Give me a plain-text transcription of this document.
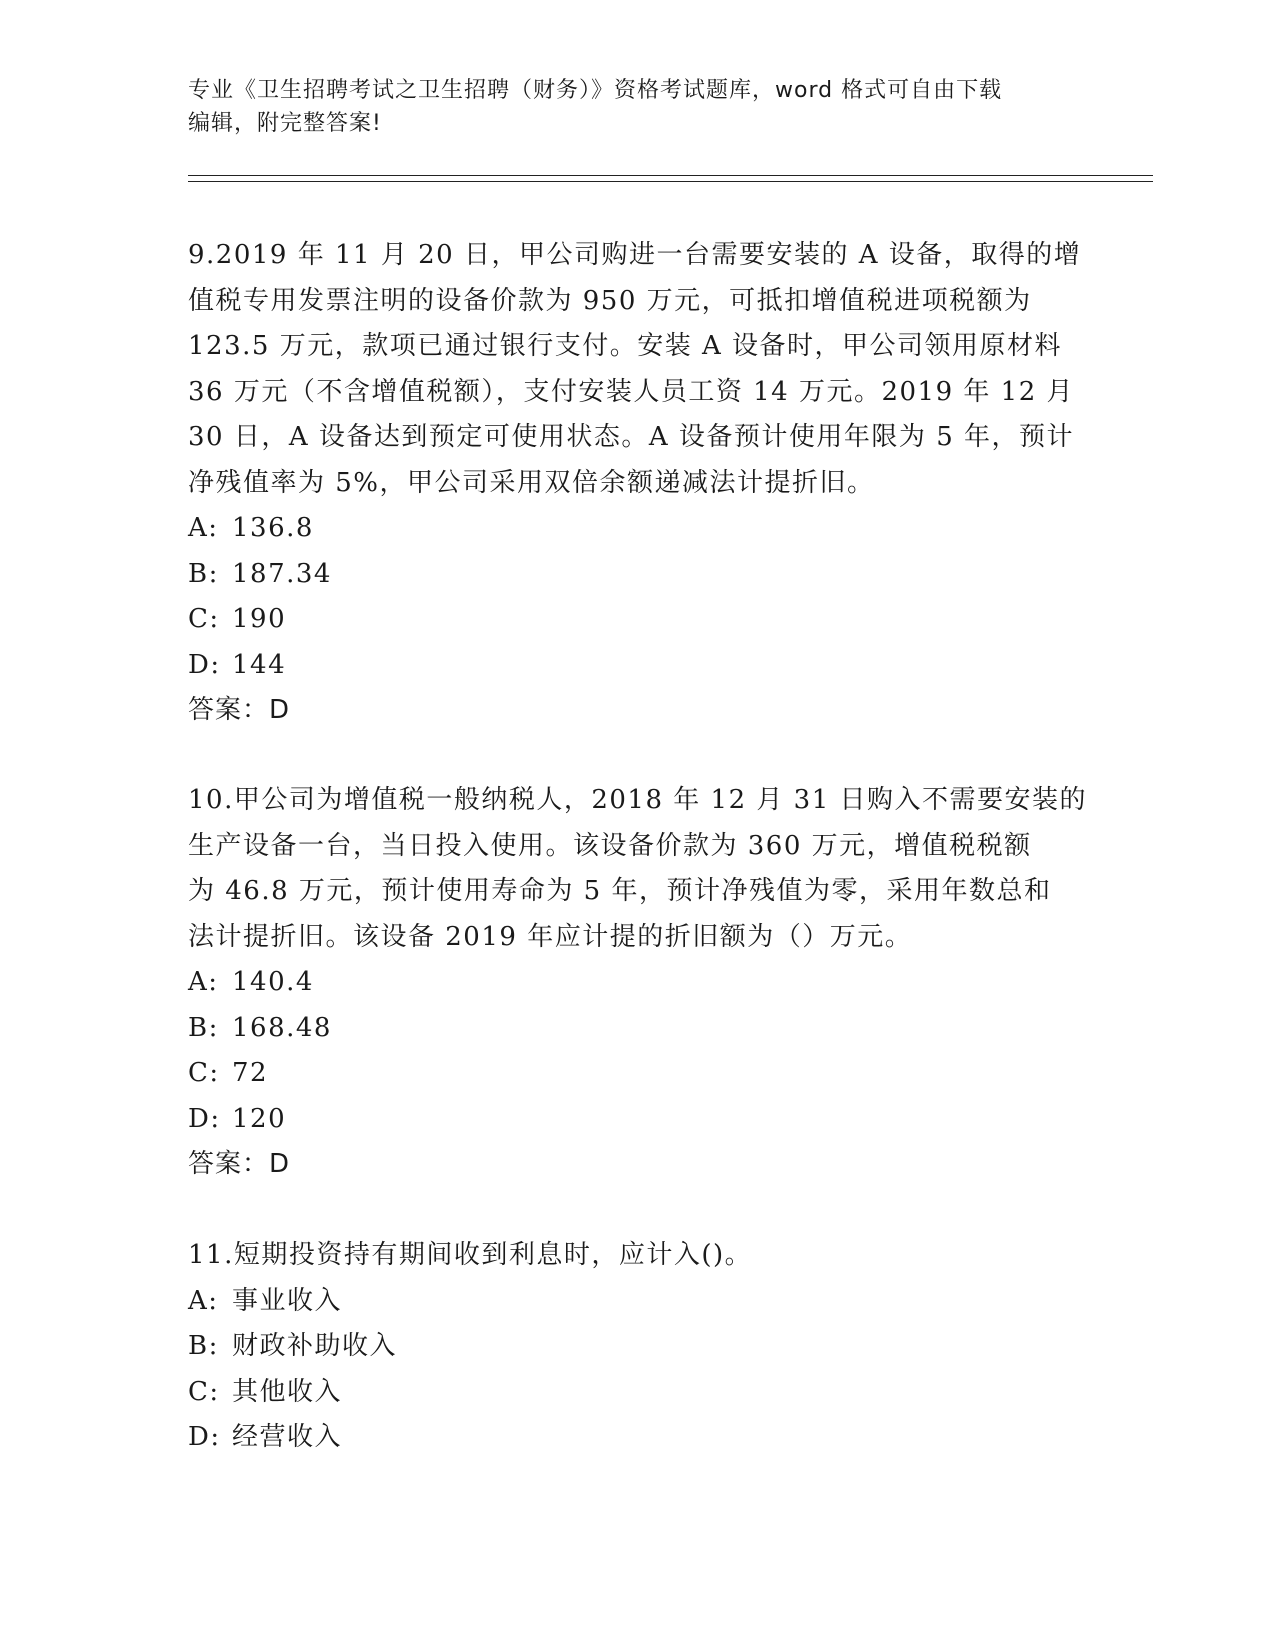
专业《卫生招聘考试之卫生招聘（财务）》资格考试题库，word 格式可自由下载
编辑，附完整答案!
9.2019 年 11 月 20 日，甲公司购进一台需要安装的 A 设备，取得的增
值税专用发票注明的设备价款为 950 万元，可抵扣增值税进项税额为
123.5 万元，款项已通过银行支付。安装 A 设备时，甲公司领用原材料
36 万元（不含增值税额），支付安装人员工资 14 万元。2019 年 12 月
30 日，A 设备达到预定可使用状态。A 设备预计使用年限为 5 年，预计
净残值率为 5%，甲公司采用双倍余额递减法计提折旧。
A: 136.8
B: 187.34
C: 190
D: 144
答案：D
10.甲公司为增值税一般纳税人，2018 年 12 月 31 日购入不需要安装的
生产设备一台，当日投入使用。该设备价款为 360 万元，增值税税额
为 46.8 万元，预计使用寿命为 5 年，预计净残值为零，采用年数总和
法计提折旧。该设备 2019 年应计提的折旧额为（）万元。
A: 140.4
B: 168.48
C: 72
D: 120
答案：D
11.短期投资持有期间收到利息时，应计入()。
A: 事业收入
B: 财政补助收入
C: 其他收入
D: 经营收入
